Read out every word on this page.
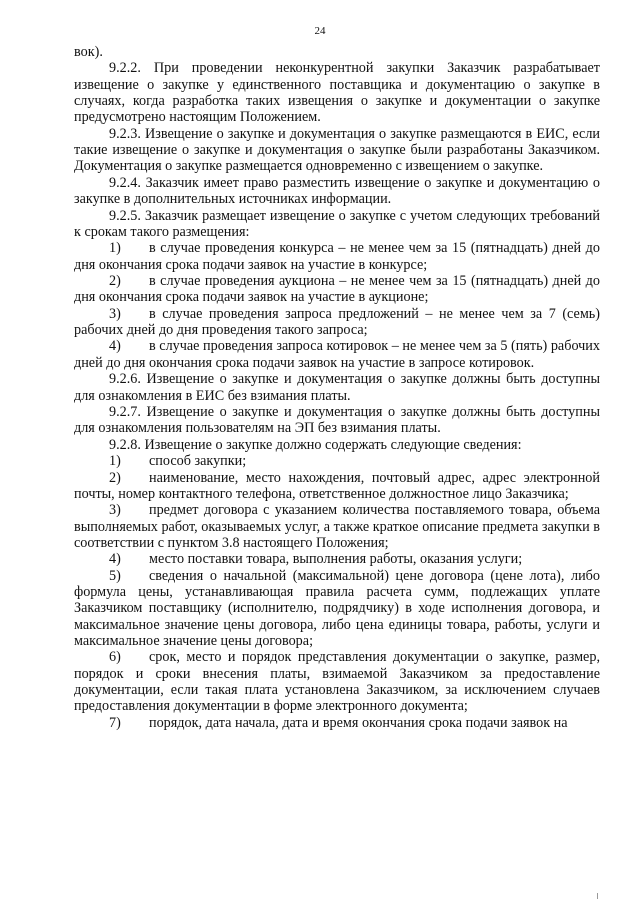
24

вок).

9.2.2. При проведении неконкурентной закупки Заказчик разрабатывает извещение о закупке у единственного поставщика и документацию о закупке в случаях, когда разработка таких извещения о закупке и документации о закупке предусмотрено настоящим Положением.

9.2.3. Извещение о закупке и документация о закупке размещаются в ЕИС, если такие извещение о закупке и документация о закупке были разработаны Заказчиком. Документация о закупке размещается одновременно с извещением о закупке.

9.2.4. Заказчик имеет право разместить извещение о закупке и документацию о закупке в дополнительных источниках информации.

9.2.5. Заказчик размещает извещение о закупке с учетом следующих требований к срокам такого размещения:

1) в случае проведения конкурса – не менее чем за 15 (пятнадцать) дней до дня окончания срока подачи заявок на участие в конкурсе;

2) в случае проведения аукциона – не менее чем за 15 (пятнадцать) дней до дня окончания срока подачи заявок на участие в аукционе;

3) в случае проведения запроса предложений – не менее чем за 7 (семь) рабочих дней до дня проведения такого запроса;

4) в случае проведения запроса котировок – не менее чем за 5 (пять) рабочих дней до дня окончания срока подачи заявок на участие в запросе котировок.

9.2.6. Извещение о закупке и документация о закупке должны быть доступны для ознакомления в ЕИС без взимания платы.

9.2.7. Извещение о закупке и документация о закупке должны быть доступны для ознакомления пользователям на ЭП без взимания платы.

9.2.8. Извещение о закупке должно содержать следующие сведения:

1) способ закупки;

2) наименование, место нахождения, почтовый адрес, адрес электронной почты, номер контактного телефона, ответственное должностное лицо Заказчика;

3) предмет договора с указанием количества поставляемого товара, объема выполняемых работ, оказываемых услуг, а также краткое описание предмета закупки в соответствии с пунктом 3.8 настоящего Положения;

4) место поставки товара, выполнения работы, оказания услуги;

5) сведения о начальной (максимальной) цене договора (цене лота), либо формула цены, устанавливающая правила расчета сумм, подлежащих уплате Заказчиком поставщику (исполнителю, подрядчику) в ходе исполнения договора, и максимальное значение цены договора, либо цена единицы товара, работы, услуги и максимальное значение цены договора;

6) срок, место и порядок представления документации о закупке, размер, порядок и сроки внесения платы, взимаемой Заказчиком за предоставление документации, если такая плата установлена Заказчиком, за исключением случаев предоставления документации в форме электронного документа;

7) порядок, дата начала, дата и время окончания срока подачи заявок на
